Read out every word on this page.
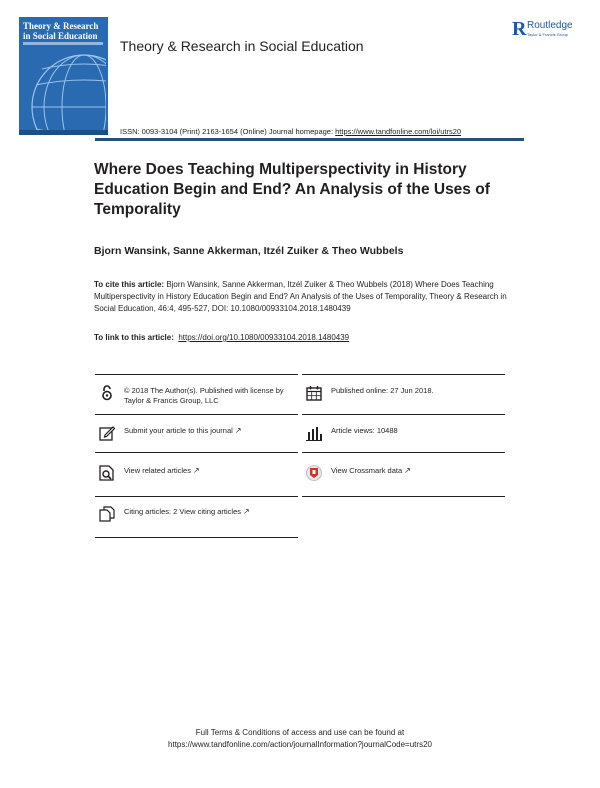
Theory & Research in Social Education
Theory & Research in Social Education
R Routledge
Taylor & Francis Group
ISSN: 0093-3104 (Print) 2163-1654 (Online) Journal homepage: https://www.tandfonline.com/loi/utrs20
Where Does Teaching Multiperspectivity in History Education Begin and End? An Analysis of the Uses of Temporality
Bjorn Wansink, Sanne Akkerman, Itzél Zuiker & Theo Wubbels
To cite this article: Bjorn Wansink, Sanne Akkerman, Itzél Zuiker & Theo Wubbels (2018) Where Does Teaching Multiperspectivity in History Education Begin and End? An Analysis of the Uses of Temporality, Theory & Research in Social Education, 46:4, 495-527, DOI: 10.1080/00933104.2018.1480439
To link to this article: https://doi.org/10.1080/00933104.2018.1480439
© 2018 The Author(s). Published with license by Taylor & Francis Group, LLC
Published online: 27 Jun 2018.
Submit your article to this journal ↗	Article views: 10488
View related articles ↗	View Crossmark data ↗
Citing articles: 2 View citing articles ↗
Full Terms & Conditions of access and use can be found at
https://www.tandfonline.com/action/journalInformation?journalCode=utrs20
